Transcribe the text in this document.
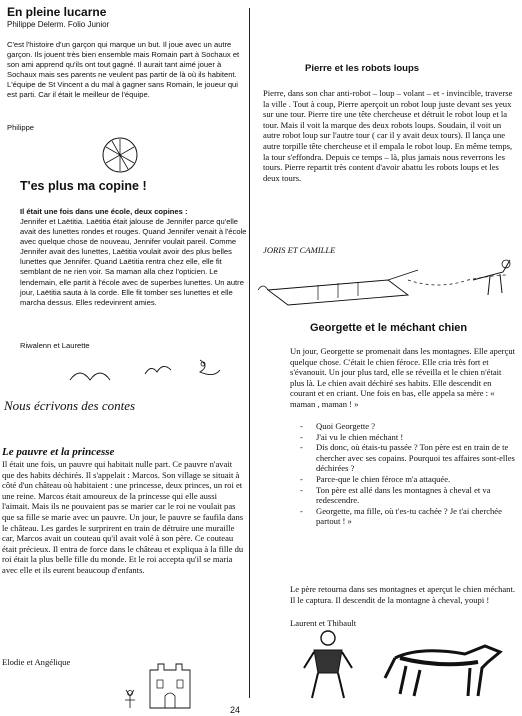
En pleine lucarne
Philippe Delerm. Folio Junior

C'est l'histoire d'un garçon qui marque un but. Il joue avec un autre garçon. Ils jouent très bien ensemble mais Romain part à Sochaux et son ami apprend qu'ils ont tout gagné. Il aurait tant aimé jouer à Sochaux mais ses parents ne veulent pas partir de là où ils habitent. L'équipe de St Vincent a du mal à gagner sans Romain, le joueur qui est parti. Car il était le meilleur de l'équipe.

Philippe
T'es plus ma copine !
Il était une fois dans une école, deux copines :

Jennifer et Laëtitia. Laëtitia était jalouse de Jennifer parce qu'elle avait des lunettes rondes et rouges. Quand Jennifer venait à l'école avec quelque chose de nouveau, Jennifer voulait pareil. Comme Jennifer avait des lunettes, Laëtitia voulait avoir des plus belles lunettes que Jennifer. Quand Laëtitia rentra chez elle, elle fit semblant de ne rien voir. Sa maman alla chez l'opticien. Le lendemain, elle partit à l'école avec de superbes lunettes. Un autre jour, Laëtitia sauta à la corde. Elle fit tomber ses lunettes et elle marcha dessus. Elles redevinrent amies.

Riwalenn et Laurette
Nous écrivons des contes
Le pauvre et la princesse

Il était une fois, un pauvre qui habitait nulle part. Ce pauvre n'avait que des habits déchirés. Il s'appelait : Marcos. Son village se situait à côté d'un château où habitaient : une princesse, deux princes, un roi et une reine. Marcos était amoureux de la princesse qui elle aussi l'aimait. Mais ils ne pouvaient pas se marier car le roi ne voulait pas que sa fille se marie avec un pauvre. Un jour, le pauvre se faufila dans le château. Les gardes le surprirent en train de détruire une muraille car, Marcos avait un couteau qu'il avait volé à son père. Ce couteau était précieux. Il entra de force dans le château et expliqua à la fille du roi était la plus belle fille du monde. Et le roi accepta qu'il se maria avec elle et ils eurent beaucoup d'enfants.

Elodie et Angélique
Pierre et les robots loups

Pierre, dans son char anti-robot – loup – volant – et - invincible, traverse la ville . Tout à coup, Pierre aperçoit un robot loup juste devant ses yeux sur une tour. Pierre tire une tête chercheuse et détruit le robot loup et la tour. Mais il voit la marque des deux robots loups. Soudain, il voit un autre robot loup sur l'autre tour ( car il y avait deux tours). Il lança une autre torpille tête chercheuse et il empala le robot loup. En même temps, la tour s'effondra. Depuis ce temps – là, plus jamais nous reverrons les tours. Pierre repartit très content d'avoir abattu les robots loups et les deux tours.

JORIS ET CAMILLE
Georgette et le méchant chien

Un jour, Georgette se promenait dans les montagnes. Elle aperçut quelque chose. C'était le chien féroce. Elle cria très fort et s'évanouit. Un jour plus tard, elle se réveilla et le chien n'était plus là. Le chien avait déchiré ses habits. Elle descendit en courant et en criant. Une fois en bas, elle appela sa mère : « maman , maman ! »

- Quoi Georgette ?
- J'ai vu le chien méchant !
- Dis donc, où étais-tu passée ? Ton père est en train de te chercher avec ses copains. Pourquoi tes affaires sont-elles déchirées ?
- Parce-que le chien féroce m'a attaquée.
- Ton père est allé dans les montagnes à cheval et va redescendre.
- Georgette, ma fille, où t'es-tu cachée ? Je t'ai cherchée partout ! »

Le père retourna dans ses montagnes et aperçut le chien méchant. Il le captura. Il descendit de la montagne à cheval, youpi !

Laurent et Thibault
24
